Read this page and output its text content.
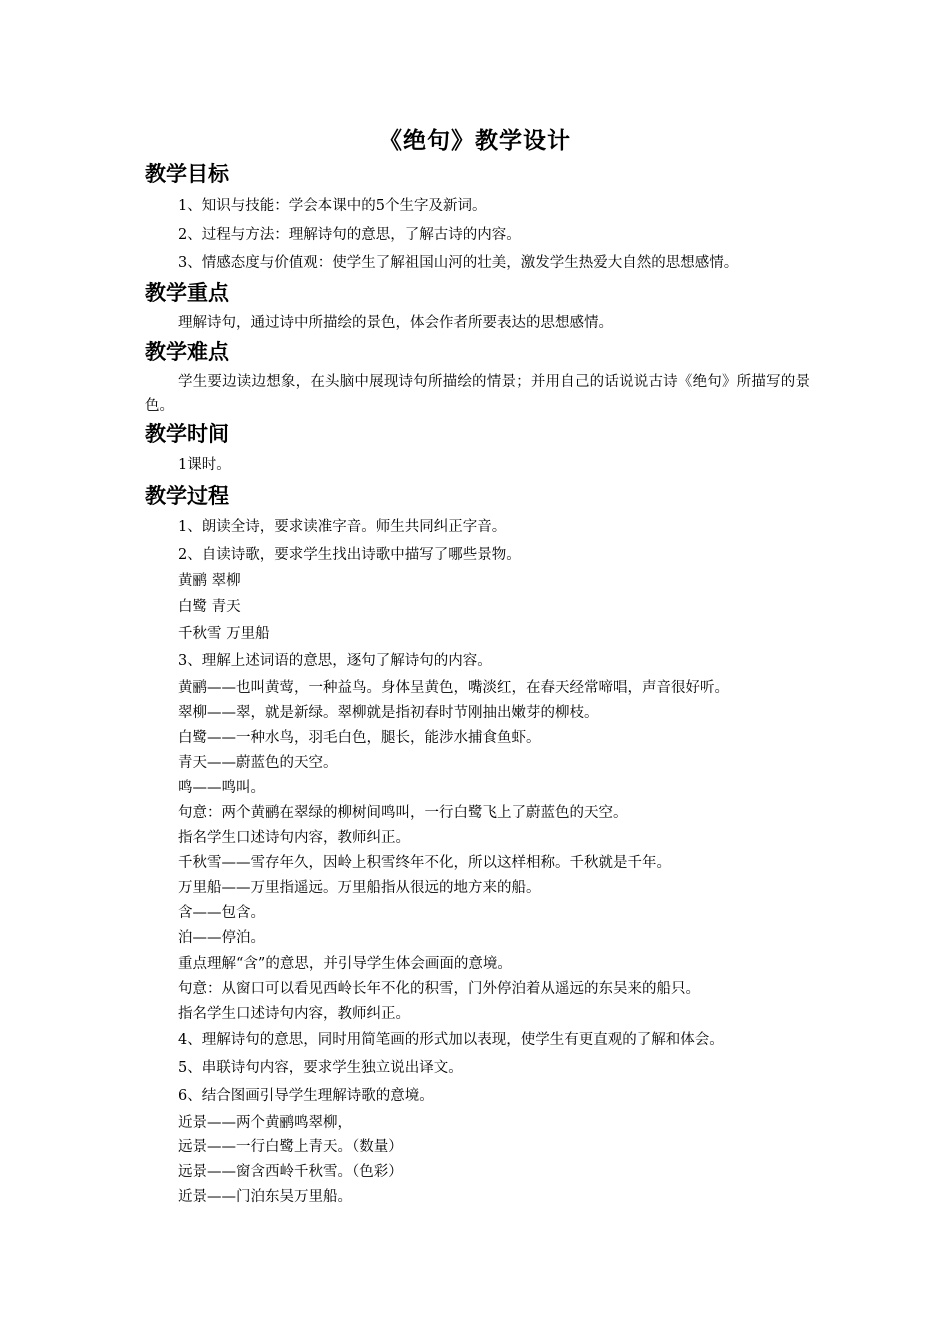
《绝句》教学设计
教学目标
1、知识与技能：学会本课中的5个生字及新词。
2、过程与方法：理解诗句的意思，了解古诗的内容。
3、情感态度与价值观：使学生了解祖国山河的壮美，激发学生热爱大自然的思想感情。
教学重点
理解诗句，通过诗中所描绘的景色，体会作者所要表达的思想感情。
教学难点
学生要边读边想象，在头脑中展现诗句所描绘的情景；并用自己的话说说古诗《绝句》所描写的景色。
教学时间
1课时。
教学过程
1、朗读全诗，要求读准字音。师生共同纠正字音。
2、自读诗歌，要求学生找出诗歌中描写了哪些景物。
黄鹂 翠柳
白鹭 青天
千秋雪 万里船
3、理解上述词语的意思，逐句了解诗句的内容。
黄鹂——也叫黄莺，一种益鸟。身体呈黄色，嘴淡红，在春天经常啼唱，声音很好听。
翠柳——翠，就是新绿。翠柳就是指初春时节刚抽出嫩芽的柳枝。
白鹭——一种水鸟，羽毛白色，腿长，能涉水捕食鱼虾。
青天——蔚蓝色的天空。
鸣——鸣叫。
句意：两个黄鹂在翠绿的柳树间鸣叫，一行白鹭飞上了蔚蓝色的天空。
指名学生口述诗句内容，教师纠正。
千秋雪——雪存年久，因岭上积雪终年不化，所以这样相称。千秋就是千年。
万里船——万里指遥远。万里船指从很远的地方来的船。
含——包含。
泊——停泊。
重点理解“含”的意思，并引导学生体会画面的意境。
句意：从窗口可以看见西岭长年不化的积雪，门外停泊着从遥远的东吴来的船只。
指名学生口述诗句内容，教师纠正。
4、理解诗句的意思，同时用简笔画的形式加以表现，使学生有更直观的了解和体会。
5、串联诗句内容，要求学生独立说出译文。
6、结合图画引导学生理解诗歌的意境。
近景——两个黄鹂鸣翠柳，
远景——一行白鹭上青天。（数量）
远景——窗含西岭千秋雪。（色彩）
近景——门泊东吴万里船。
